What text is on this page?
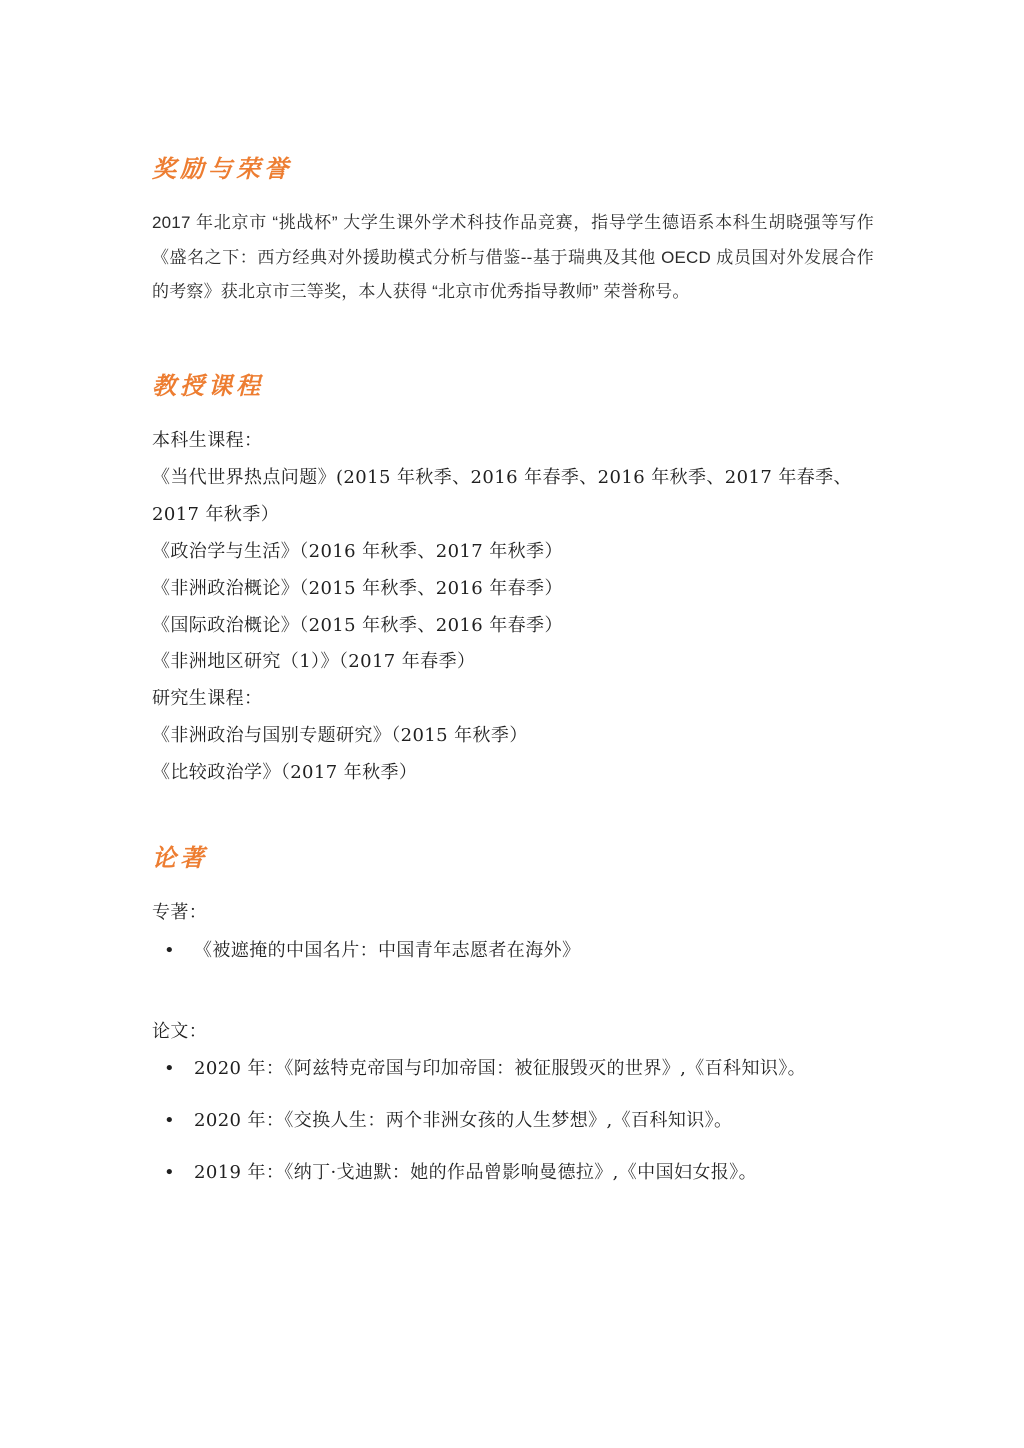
奖励与荣誉

2017 年北京市 “挑战杯” 大学生课外学术科技作品竞赛，指导学生德语系本科生胡晓强等写作《盛名之下：西方经典对外援助模式分析与借鉴--基于瑞典及其他 OECD 成员国对外发展合作的考察》获北京市三等奖，本人获得 “北京市优秀指导教师” 荣誉称号。

教授课程

本科生课程：

《当代世界热点问题》(2015 年秋季、2016 年春季、2016 年秋季、2017 年春季、

2017 年秋季）

《政治学与生活》（2016 年秋季、2017 年秋季）

《非洲政治概论》（2015 年秋季、2016 年春季）

《国际政治概论》（2015 年秋季、2016 年春季）

《非洲地区研究（1）》（2017 年春季）

研究生课程：

《非洲政治与国别专题研究》（2015 年秋季）

《比较政治学》（2017 年秋季）

论著

专著：

• 《被遮掩的中国名片：中国青年志愿者在海外》

论文：

• 2020 年：《阿兹特克帝国与印加帝国：被征服毁灭的世界》,《百科知识》。
• 2020 年：《交换人生：两个非洲女孩的人生梦想》,《百科知识》。
• 2019 年：《纳丁·戈迪默：她的作品曾影响曼德拉》,《中国妇女报》。
